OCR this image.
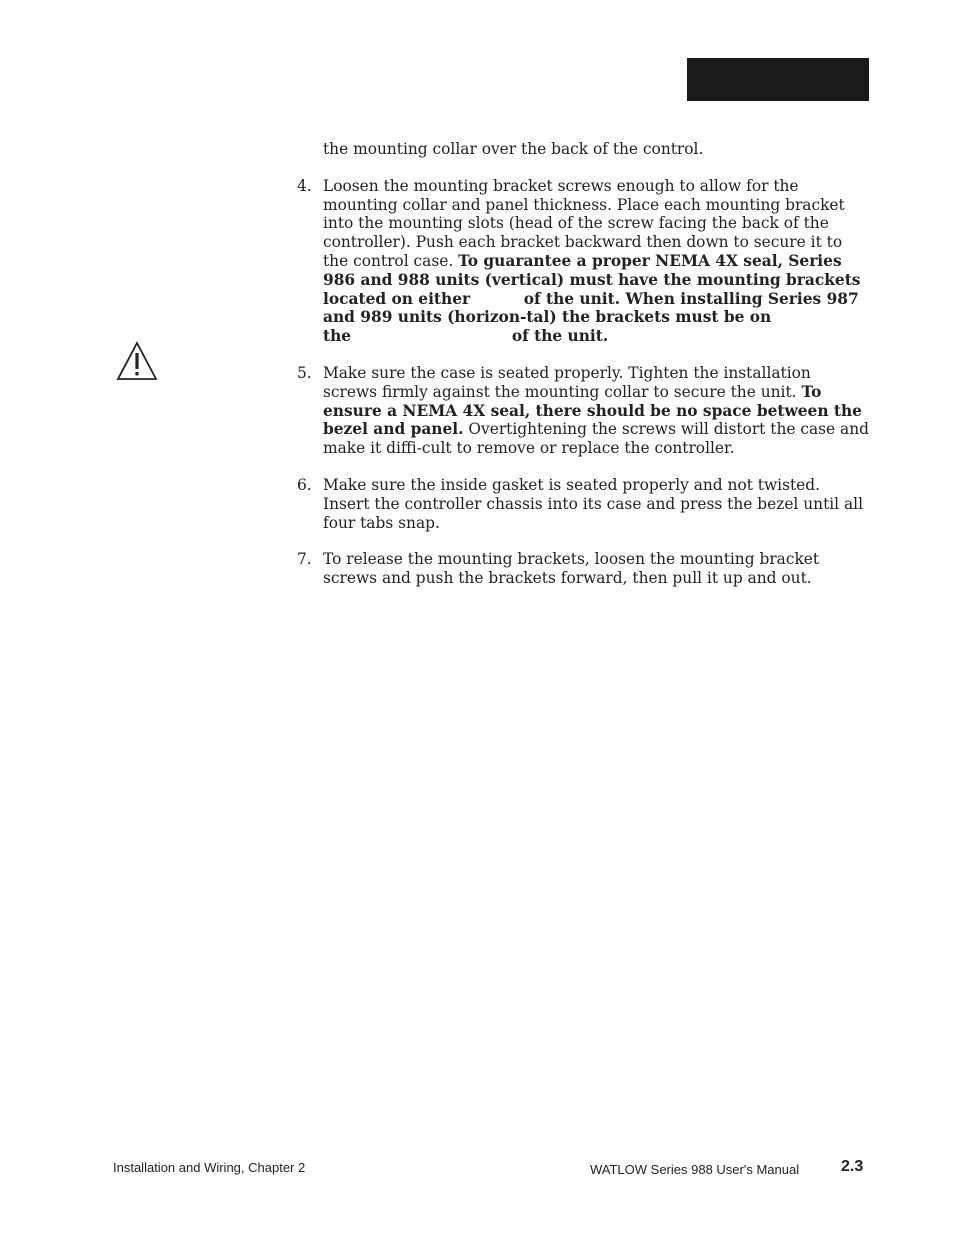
the mounting collar over the back of the control.

4. Loosen the mounting bracket screws enough to allow for the mounting collar and panel thickness. Place each mounting bracket into the mounting slots (head of the screw facing the back of the controller). Push each bracket backward then down to secure it to the control case. To guarantee a proper NEMA 4X seal, Series 986 and 988 units (vertical) must have the mounting brackets located on either          of the unit. When installing Series 987 and 989 units (horizon-tal) the brackets must be on the                              of the unit.
5. Make sure the case is seated properly. Tighten the installation screws firmly against the mounting collar to secure the unit. To ensure a NEMA 4X seal, there should be no space between the bezel and panel. Overtightening the screws will distort the case and make it diffi-cult to remove or replace the controller.
6. Make sure the inside gasket is seated properly and not twisted. Insert the controller chassis into its case and press the bezel until all four tabs snap.
7. To release the mounting brackets, loosen the mounting bracket screws and push the brackets forward, then pull it up and out.
Installation and Wiring, Chapter 2	WATLOW Series 988 User's Manual	2.3
